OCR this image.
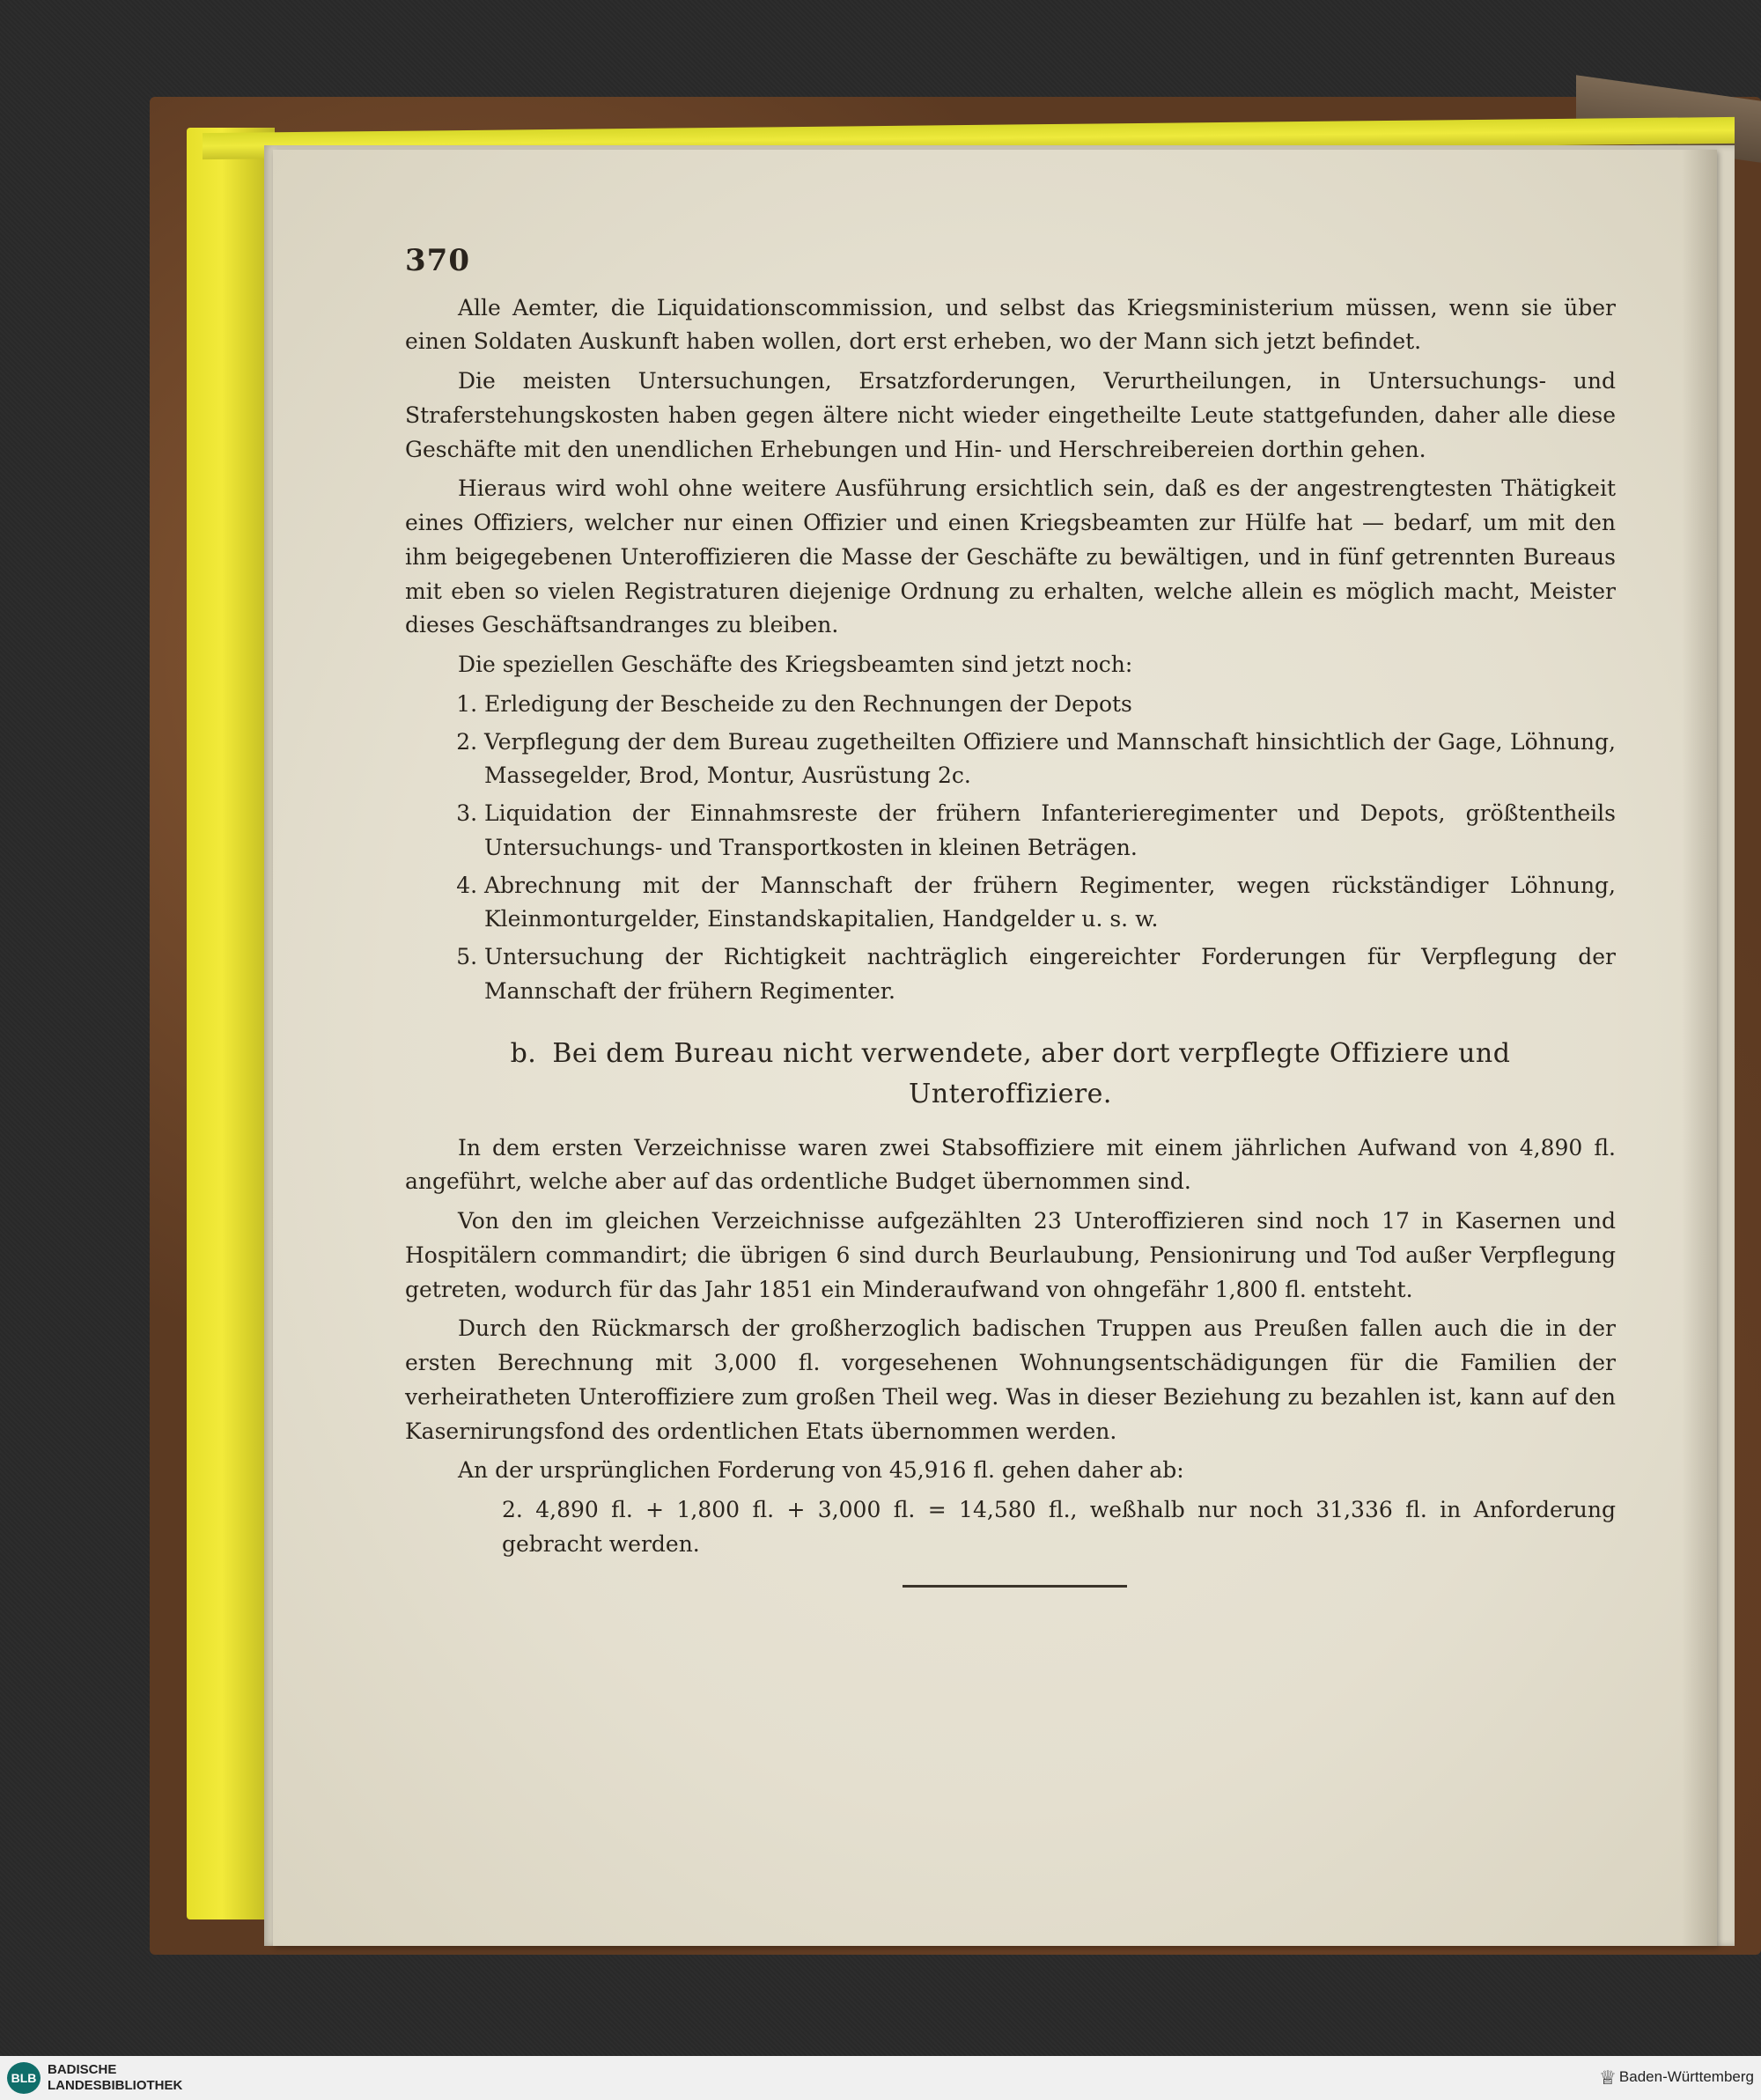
370

Alle Aemter, die Liquidationscommission, und selbst das Kriegsministerium müssen, wenn sie über einen Soldaten Auskunft haben wollen, dort erst erheben, wo der Mann sich jetzt befindet.

Die meisten Untersuchungen, Ersatzforderungen, Verurtheilungen, in Untersuchungs- und Straferstehungskosten haben gegen ältere nicht wieder eingetheilte Leute stattgefunden, daher alle diese Geschäfte mit den unendlichen Erhebungen und Hin- und Herschreibereien dorthin gehen.

Hieraus wird wohl ohne weitere Ausführung ersichtlich sein, daß es der angestrengtesten Thätigkeit eines Offiziers, welcher nur einen Offizier und einen Kriegsbeamten zur Hülfe hat — bedarf, um mit den ihm beigegebenen Unteroffizieren die Masse der Geschäfte zu bewältigen, und in fünf getrennten Bureaus mit eben so vielen Registraturen diejenige Ordnung zu erhalten, welche allein es möglich macht, Meister dieses Geschäftsandranges zu bleiben.

Die speziellen Geschäfte des Kriegsbeamten sind jetzt noch:

1. Erledigung der Bescheide zu den Rechnungen der Depots
2. Verpflegung der dem Bureau zugetheilten Offiziere und Mannschaft hinsichtlich der Gage, Löhnung, Massegelder, Brod, Montur, Ausrüstung 2c.
3. Liquidation der Einnahmsreste der frühern Infanterieregimenter und Depots, größtentheils Untersuchungs- und Transportkosten in kleinen Beträgen.
4. Abrechnung mit der Mannschaft der frühern Regimenter, wegen rückständiger Löhnung, Kleinmonturgelder, Einstandskapitalien, Handgelder u. s. w.
5. Untersuchung der Richtigkeit nachträglich eingereichter Forderungen für Verpflegung der Mannschaft der frühern Regimenter.
b. Bei dem Bureau nicht verwendete, aber dort verpflegte Offiziere und Unteroffiziere.

In dem ersten Verzeichnisse waren zwei Stabsoffiziere mit einem jährlichen Aufwand von 4,890 fl. angeführt, welche aber auf das ordentliche Budget übernommen sind.

Von den im gleichen Verzeichnisse aufgezählten 23 Unteroffizieren sind noch 17 in Kasernen und Hospitälern commandirt; die übrigen 6 sind durch Beurlaubung, Pensionirung und Tod außer Verpflegung getreten, wodurch für das Jahr 1851 ein Minderaufwand von ohngefähr 1,800 fl. entsteht.

Durch den Rückmarsch der großherzoglich badischen Truppen aus Preußen fallen auch die in der ersten Berechnung mit 3,000 fl. vorgesehenen Wohnungsentschädigungen für die Familien der verheiratheten Unteroffiziere zum großen Theil weg. Was in dieser Beziehung zu bezahlen ist, kann auf den Kasernirungsfond des ordentlichen Etats übernommen werden.

An der ursprünglichen Forderung von 45,916 fl. gehen daher ab:

2. 4,890 fl. + 1,800 fl. + 3,000 fl. = 14,580 fl., weßhalb nur noch 31,336 fl. in Anforderung gebracht werden.

BLB
BADISCHE
LANDESBIBLIOTHEK	♕ Baden-Württemberg
